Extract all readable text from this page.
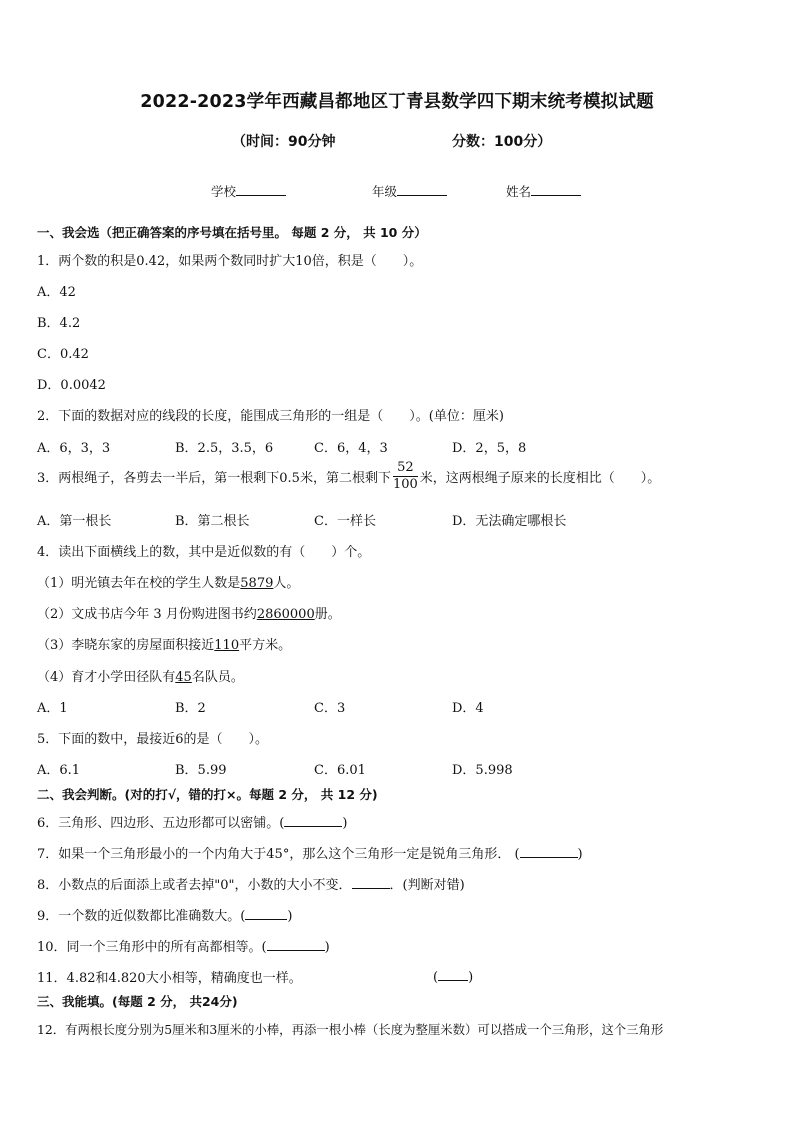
2022-2023学年西藏昌都地区丁青县数学四下期末统考模拟试题
（时间：90分钟	分数：100分）
学校	年级	姓名
一、我会选（把正确答案的序号填在括号里。 每题 2 分， 共 10 分）
1．两个数的积是0.42，如果两个数同时扩大10倍，积是（　　）。
A．42
B．4.2
C．0.42
D．0.0042
2．下面的数据对应的线段的长度，能围成三角形的一组是（　　）。(单位：厘米)
A．6，3，3	B．2.5，3.5，6	C．6，4，3	D．2，5，8
3．两根绳子，各剪去一半后，第一根剩下0.5米，第二根剩下 $\frac{52}{100}$ 米，这两根绳子原来的长度相比（　　）。
A．第一根长	B．第二根长	C．一样长	D．无法确定哪根长
4．读出下面横线上的数，其中是近似数的有（　　）个。
（1）明光镇去年在校的学生人数是5879人。
（2）文成书店今年 3 月份购进图书约2860000册。
（3）李晓东家的房屋面积接近110平方米。
（4）育才小学田径队有45名队员。
A．1	B．2	C．3	D．4
5．下面的数中，最接近6的是（　　）。
A．6.1	B．5.99	C．6.01	D．5.998
二、我会判断。(对的打√，错的打×。每题 2 分， 共 12 分)
6．三角形、四边形、五边形都可以密铺。(	)
7．如果一个三角形最小的一个内角大于45°，那么这个三角形一定是锐角三角形． (	)
8．小数点的后面添上或者去掉"0"，小数的大小不变．	．(判断对错)
9．一个数的近似数都比准确数大。(	)
10．同一个三角形中的所有高都相等。(	)
11．4.82和4.820大小相等，精确度也一样。	( )
三、我能填。(每题 2 分， 共24分)
12．有两根长度分别为5厘米和3厘米的小棒，再添一根小棒（长度为整厘米数）可以搭成一个三角形，这个三角形
